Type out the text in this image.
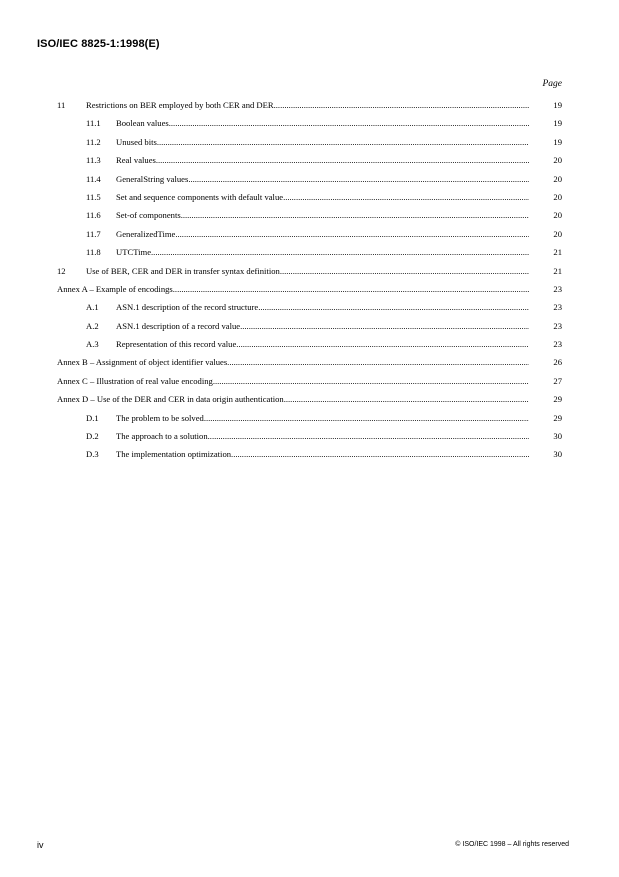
ISO/IEC 8825-1:1998(E)
Page
11 Restrictions on BER employed by both CER and DER .....	19
11.1 Boolean values .....	19
11.2 Unused bits .....	19
11.3 Real values .....	20
11.4 GeneralString values .....	20
11.5 Set and sequence components with default value .....	20
11.6 Set-of components .....	20
11.7 GeneralizedTime .....	20
11.8 UTCTime .....	21
12 Use of BER, CER and DER in transfer syntax definition .....	21
Annex A – Example of encodings .....	23
A.1 ASN.1 description of the record structure .....	23
A.2 ASN.1 description of a record value .....	23
A.3 Representation of this record value .....	23
Annex B – Assignment of object identifier values .....	26
Annex C – Illustration of real value encoding .....	27
Annex D – Use of the DER and CER in data origin authentication .....	29
D.1 The problem to be solved .....	29
D.2 The approach to a solution .....	30
D.3 The implementation optimization .....	30
iv	© ISO/IEC 1998 – All rights reserved
